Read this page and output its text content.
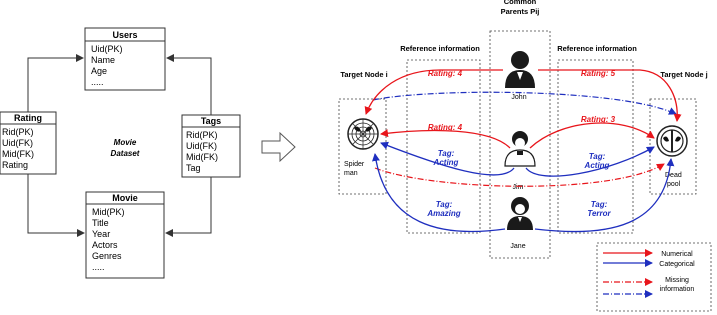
Users
Uid(PK)
Name
Age
.....
Rating
Rid(PK)
Uid(FK)
Mid(FK)
Rating
Tags
Rid(PK)
Uid(FK)
Mid(FK)
Tag
Movie
Mid(PK)
Title
Year
Actors
Genres
.....
Movie
Dataset
Common
Parents Pij
Reference information	Reference information
Target Node i	Target Node j
Spider
man	Dead
pool
John
Jim
Jane
Rating: 4	Rating: 5
Rating: 4
Rating: 3
Tag:
Acting
Tag:
Acting
Tag:
Amazing
Tag:
Terror
Numerical
Categorical
Missing
information
